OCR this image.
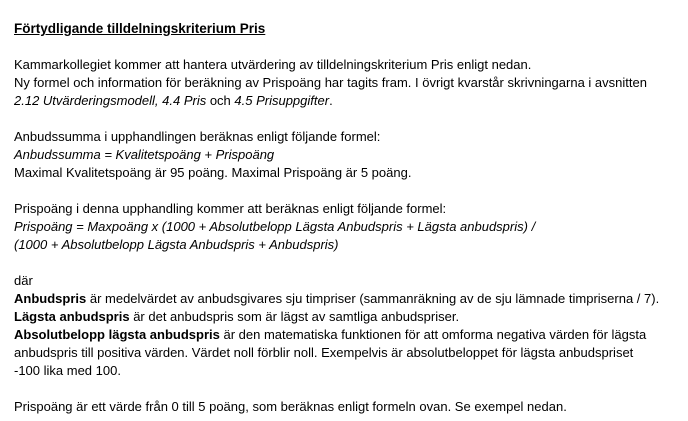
Förtydligande tilldelningskriterium Pris

Kammarkollegiet kommer att hantera utvärdering av tilldelningskriterium Pris enligt nedan.

Ny formel och information för beräkning av Prispoäng har tagits fram. I övrigt kvarstår skrivningarna i avsnitten

2.12 Utvärderingsmodell, 4.4 Pris och 4.5 Prisuppgifter.

Anbudssumma i upphandlingen beräknas enligt följande formel:

Anbudssumma = Kvalitetspoäng + Prispoäng

Maximal Kvalitetspoäng är 95 poäng. Maximal Prispoäng är 5 poäng.

Prispoäng i denna upphandling kommer att beräknas enligt följande formel:

Prispoäng = Maxpoäng x (1000 + Absolutbelopp Lägsta Anbudspris + Lägsta anbudspris) /

(1000 + Absolutbelopp Lägsta Anbudspris + Anbudspris)

där

Anbudspris är medelvärdet av anbudsgivares sju timpriser (sammanräkning av de sju lämnade timpriserna / 7).

Lägsta anbudspris är det anbudspris som är lägst av samtliga anbudspriser.

Absolutbelopp lägsta anbudspris är den matematiska funktionen för att omforma negativa värden för lägsta

anbudspris till positiva värden. Värdet noll förblir noll. Exempelvis är absolutbeloppet för lägsta anbudspriset

-100 lika med 100.

Prispoäng är ett värde från 0 till 5 poäng, som beräknas enligt formeln ovan. Se exempel nedan.
